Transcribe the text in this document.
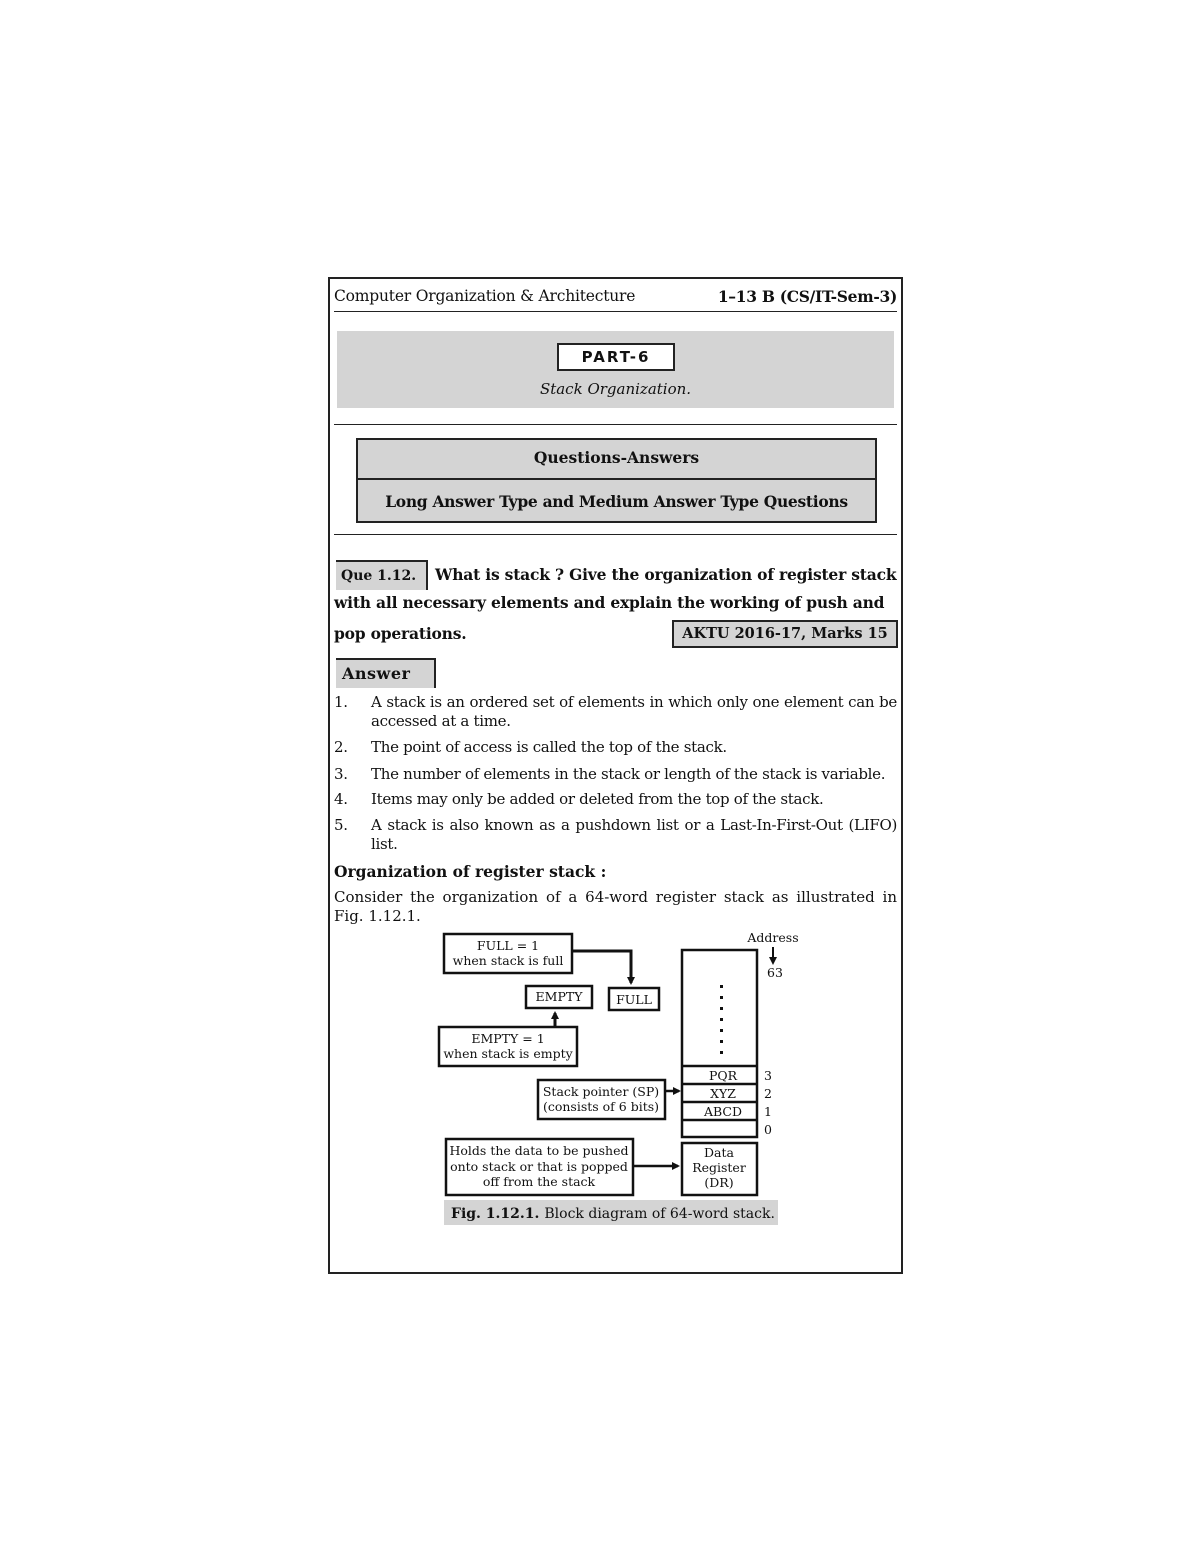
Computer Organization & Architecture	1–13 B (CS/IT-Sem-3)
PART-6
Stack Organization.
Questions-Answers
Long Answer Type and Medium Answer Type Questions
Que 1.12.	What is stack ? Give the organization of register stack
with all necessary elements and explain the working of push and
pop operations.	AKTU 2016-17, Marks 15
Answer
1. A stack is an ordered set of elements in which only one element can be accessed at a time.
2. The point of access is called the top of the stack.
3. The number of elements in the stack or length of the stack is variable.
4. Items may only be added or deleted from the top of the stack.
5. A stack is also known as a pushdown list or a Last-In-First-Out (LIFO) list.
Organization of register stack :
Consider the organization of a 64-word register stack as illustrated in Fig. 1.12.1.
FULL = 1
when stack is full
FULL
EMPTY
EMPTY = 1
when stack is empty
Stack pointer (SP)
(consists of 6 bits)
Address
63
PQR
XYZ
ABCD
3
2
1
0
Data
Register
(DR)
Holds the data to be pushed
onto stack or that is popped
off from the stack
Fig. 1.12.1. Block diagram of 64-word stack.
